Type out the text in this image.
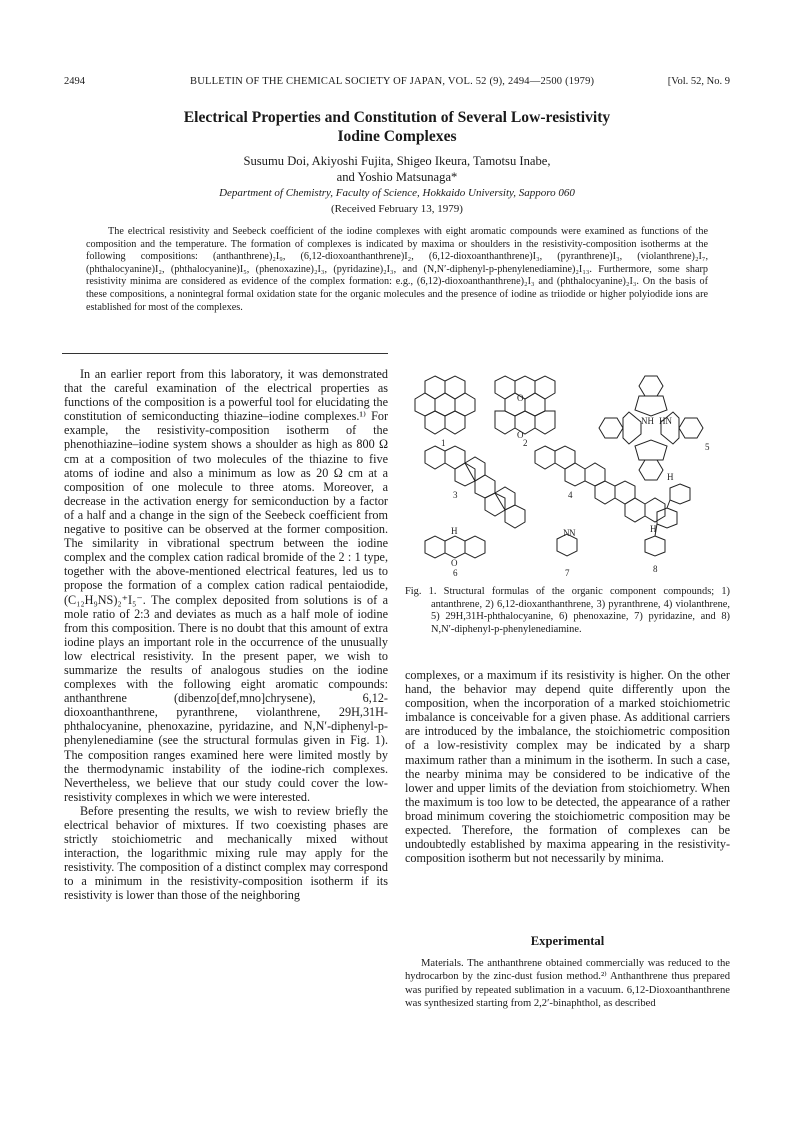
2494	BULLETIN OF THE CHEMICAL SOCIETY OF JAPAN, VOL. 52 (9), 2494—2500 (1979)	[Vol. 52, No. 9
Electrical Properties and Constitution of Several Low-resistivity
Iodine Complexes
Susumu Doi, Akiyoshi Fujita, Shigeo Ikeura, Tamotsu Inabe,
and Yoshio Matsunaga*
Department of Chemistry, Faculty of Science, Hokkaido University, Sapporo 060
(Received February 13, 1979)

The electrical resistivity and Seebeck coefficient of the iodine complexes with eight aromatic compounds were examined as functions of the composition and the temperature. The formation of complexes is indicated by maxima or shoulders in the resistivity-composition isotherms at the following compositions: (anthanthrene)₂I₉, (6,12-dioxoanthanthrene)I₂, (6,12-dioxoanthanthrene)I₃, (pyranthrene)I₃, (violanthrene)₂I₇, (phthalocyanine)I₂, (phthalocyanine)I₅, (phenoxazine)₂I₃, (pyridazine)₂I₃, and (N,N′-diphenyl-p-phenylenediamine)₂I₁₃. Furthermore, some sharp resistivity minima are considered as evidence of the complex formation: e.g., (6,12)-dioxoanthanthrene)₂I₃ and (phthalocyanine)₂I₃. On the basis of these compositions, a nonintegral formal oxidation state for the organic molecules and the presence of iodine as triiodide or higher polyiodide ions are established for most of the complexes.

In an earlier report from this laboratory, it was demonstrated that the careful examination of the electrical properties as functions of the composition is a powerful tool for elucidating the constitution of semiconducting thiazine–iodine complexes.¹⁾ For example, the resistivity-composition isotherm of the phenothiazine–iodine system shows a shoulder as high as 800 Ω cm at a composition of two molecules of the thiazine to five atoms of iodine and also a minimum as low as 20 Ω cm at a composition of one molecule to three atoms. Moreover, a decrease in the activation energy for semiconduction by a factor of a half and a change in the sign of the Seebeck coefficient from negative to positive can be observed at the former composition. The similarity in vibrational spectrum between the iodine complex and the complex cation radical bromide of the 2 : 1 type, together with the above-mentioned electrical features, led us to propose the formation of a complex cation radical pentaiodide, (C₁₂H₉NS)₂⁺I₅⁻. The complex deposited from solutions is of a mole ratio of 2:3 and deviates as much as a half mole of iodine from this composition. There is no doubt that this amount of extra iodine plays an important role in the occurrence of the unusually low electrical resistivity. In the present paper, we wish to summarize the results of analogous studies on the iodine complexes with the following eight aromatic compounds: anthanthrene (dibenzo[def,mno]chrysene), 6,12-dioxoanthanthrene, pyranthrene, violanthrene, 29H,31H-phthalocyanine, phenoxazine, pyridazine, and N,N′-diphenyl-p-phenylenediamine (see the structural formulas given in Fig. 1). The composition ranges examined here were limited mostly by the thermodynamic instability of the iodine-rich complexes. Nevertheless, we believe that our study could cover the low-resistivity complexes in which we were interested.

Before presenting the results, we wish to review briefly the electrical behavior of mixtures. If two coexisting phases are strictly stoichiometric and mechanically mixed without interaction, the logarithmic mixing rule may apply for the resistivity. The composition of a distinct complex may correspond to a minimum in the resistivity-composition isotherm if its resistivity is lower than those of the neighboring

O
O
NH HN
H
H
H
O
N N
1	2
3	4
5
6	7	8

Fig. 1. Structural formulas of the organic component compounds; 1) antanthrene, 2) 6,12-dioxanthanthrene, 3) pyranthrene, 4) violanthrene, 5) 29H,31H-phthalocyanine, 6) phenoxazine, 7) pyridazine, and 8) N,N′-diphenyl-p-phenylenediamine.

complexes, or a maximum if its resistivity is higher. On the other hand, the behavior may depend quite differently upon the composition, when the incorporation of a marked stoichiometric imbalance is conceivable for a given phase. As additional carriers are introduced by the imbalance, the stoichiometric composition of a low-resistivity complex may be indicated by a sharp maximum rather than a minimum in the isotherm. In such a case, the nearby minima may be considered to be indicative of the lower and upper limits of the deviation from stoichiometry. When the maximum is too low to be detected, the appearance of a rather broad minimum covering the stoichiometric composition may be expected. Therefore, the formation of complexes can be undoubtedly established by maxima appearing in the resistivity-composition isotherm but not necessarily by minima.

Experimental

Materials. The anthanthrene obtained commercially was reduced to the hydrocarbon by the zinc-dust fusion method.²⁾ Anthanthrene thus prepared was purified by repeated sublimation in a vacuum. 6,12-Dioxoanthanthrene was synthesized starting from 2,2′-binaphthol, as described
